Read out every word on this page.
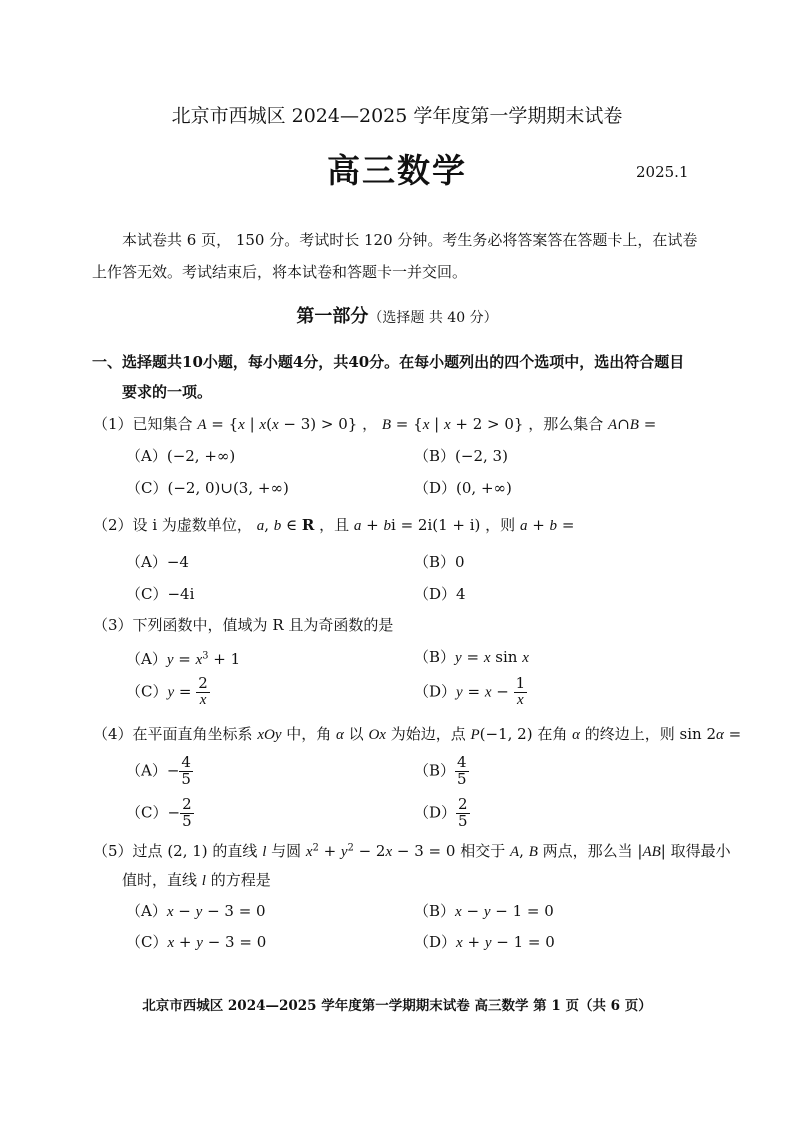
北京市西城区 2024—2025 学年度第一学期期末试卷
高三数学	2025.1
本试卷共 6 页， 150 分。考试时长 120 分钟。考生务必将答案答在答题卡上，在试卷
上作答无效。考试结束后，将本试卷和答题卡一并交回。
第一部分（选择题 共 40 分）
一、选择题共10小题，每小题4分，共40分。在每小题列出的四个选项中，选出符合题目
要求的一项。
（1）已知集合 A = {x | x(x − 3) > 0} ， B = {x | x + 2 > 0} ，那么集合 A∩B =
（A）(−2, +∞)	（B）(−2, 3)
（C）(−2, 0)∪(3, +∞)	（D）(0, +∞)
（2）设 i 为虚数单位， a, b ∈ R ，且 a + bi = 2i(1 + i) ，则 a + b =
（A）−4	（B）0
（C）−4i	（D）4
（3）下列函数中，值域为 R 且为奇函数的是
$(A)y = x^3 + 1$	（B）y = x sin x
$(C)y = \frac{2}{x}$	$(D)y = x - \frac{1}{x}$
（4）在平面直角坐标系 xOy 中，角 α 以 Ox 为始边，点 P(−1, 2) 在角 α 的终边上，则 sin 2α =
$(A)- \frac{4}{5}$	$(B) \frac{4}{5}$
$(C)- \frac{2}{5}$	$(D) \frac{2}{5}$
（5）过点 (2, 1) 的直线 l 与圆 $x^2 + y^2 - 2x - 3 = 0$ 相交于 A, B 两点，那么当 |AB| 取得最小
值时，直线 l 的方程是
（A）x − y − 3 = 0	（B）x − y − 1 = 0
（C）x + y − 3 = 0	（D）x + y − 1 = 0
北京市西城区 2024—2025 学年度第一学期期末试卷 高三数学 第 1 页（共 6 页）
